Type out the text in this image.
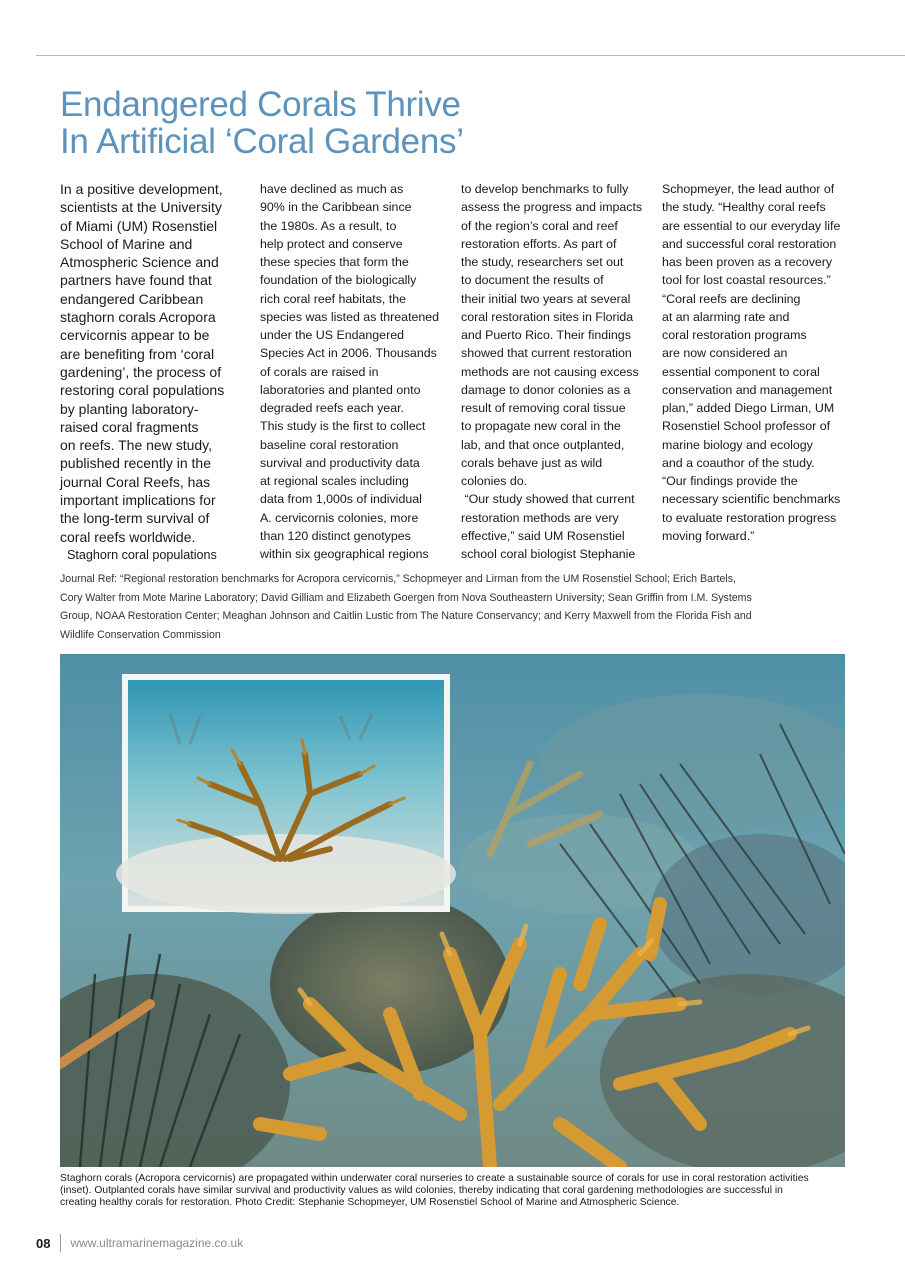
Endangered Corals Thrive
In Artificial ‘Coral Gardens’

In a positive development,
scientists at the University
of Miami (UM) Rosenstiel
School of Marine and
Atmospheric Science and
partners have found that
endangered Caribbean
staghorn corals Acropora
cervicornis appear to be
are benefiting from ‘coral
gardening’, the process of
restoring coral populations
by planting laboratory-
raised coral fragments
on reefs. The new study,
published recently in the
journal Coral Reefs, has
important implications for
the long-term survival of
coral reefs worldwide.
Staghorn coral populations

have declined as much as
90% in the Caribbean since
the 1980s. As a result, to
help protect and conserve
these species that form the
foundation of the biologically
rich coral reef habitats, the
species was listed as threatened
under the US Endangered
Species Act in 2006. Thousands
of corals are raised in
laboratories and planted onto
degraded reefs each year.
This study is the first to collect
baseline coral restoration
survival and productivity data
at regional scales including
data from 1,000s of individual
A. cervicornis colonies, more
than 120 distinct genotypes
within six geographical regions

to develop benchmarks to fully
assess the progress and impacts
of the region’s coral and reef
restoration efforts. As part of
the study, researchers set out
to document the results of
their initial two years at several
coral restoration sites in Florida
and Puerto Rico. Their findings
showed that current restoration
methods are not causing excess
damage to donor colonies as a
result of removing coral tissue
to propagate new coral in the
lab, and that once outplanted,
corals behave just as wild
colonies do.
“Our study showed that current
restoration methods are very
effective,” said UM Rosenstiel
school coral biologist Stephanie

Schopmeyer, the lead author of
the study. “Healthy coral reefs
are essential to our everyday life
and successful coral restoration
has been proven as a recovery
tool for lost coastal resources.”
“Coral reefs are declining
at an alarming rate and
coral restoration programs
are now considered an
essential component to coral
conservation and management
plan,” added Diego Lirman, UM
Rosenstiel School professor of
marine biology and ecology
and a coauthor of the study.
“Our findings provide the
necessary scientific benchmarks
to evaluate restoration progress
moving forward.”

Journal Ref: “Regional restoration benchmarks for Acropora cervicornis,” Schopmeyer and Lirman from the UM Rosenstiel School; Erich Bartels,
Cory Walter from Mote Marine Laboratory; David Gilliam and Elizabeth Goergen from Nova Southeastern University; Sean Griffin from I.M. Systems
Group, NOAA Restoration Center; Meaghan Johnson and Caitlin Lustic from The Nature Conservancy; and Kerry Maxwell from the Florida Fish and
Wildlife Conservation Commission

Staghorn corals (Acropora cervicornis) are propagated within underwater coral nurseries to create a sustainable source of corals for use in coral restoration activities
(inset). Outplanted corals have similar survival and productivity values as wild colonies, thereby indicating that coral gardening methodologies are successful in
creating healthy corals for restoration. Photo Credit: Stephanie Schopmeyer, UM Rosenstiel School of Marine and Atmospheric Science.

08 www.ultramarinemagazine.co.uk
